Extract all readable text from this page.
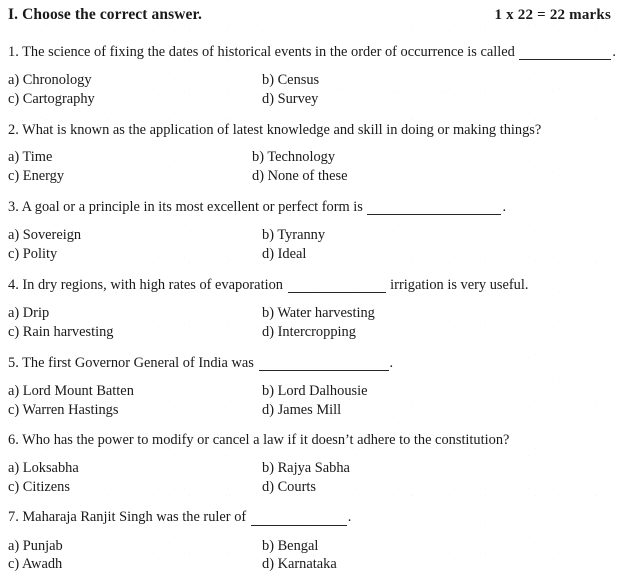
I. Choose the correct answer.	1 x 22 = 22 marks
1. The science of fixing the dates of historical events in the order of occurrence is called	.
a) Chronology	b) Census
c) Cartography	d) Survey
2. What is known as the application of latest knowledge and skill in doing or making things?
a) Time	b) Technology
c) Energy	d) None of these
3. A goal or a principle in its most excellent or perfect form is	.
a) Sovereign	b) Tyranny
c) Polity	d) Ideal
4. In dry regions, with high rates of evaporation	irrigation is very useful.
a) Drip	b) Water harvesting
c) Rain harvesting	d) Intercropping
5. The first Governor General of India was	.
a) Lord Mount Batten	b) Lord Dalhousie
c) Warren Hastings	d) James Mill
6. Who has the power to modify or cancel a law if it doesn’t adhere to the constitution?
a) Loksabha	b) Rajya Sabha
c) Citizens	d) Courts
7. Maharaja Ranjit Singh was the ruler of	.
a) Punjab	b) Bengal
c) Awadh	d) Karnataka
